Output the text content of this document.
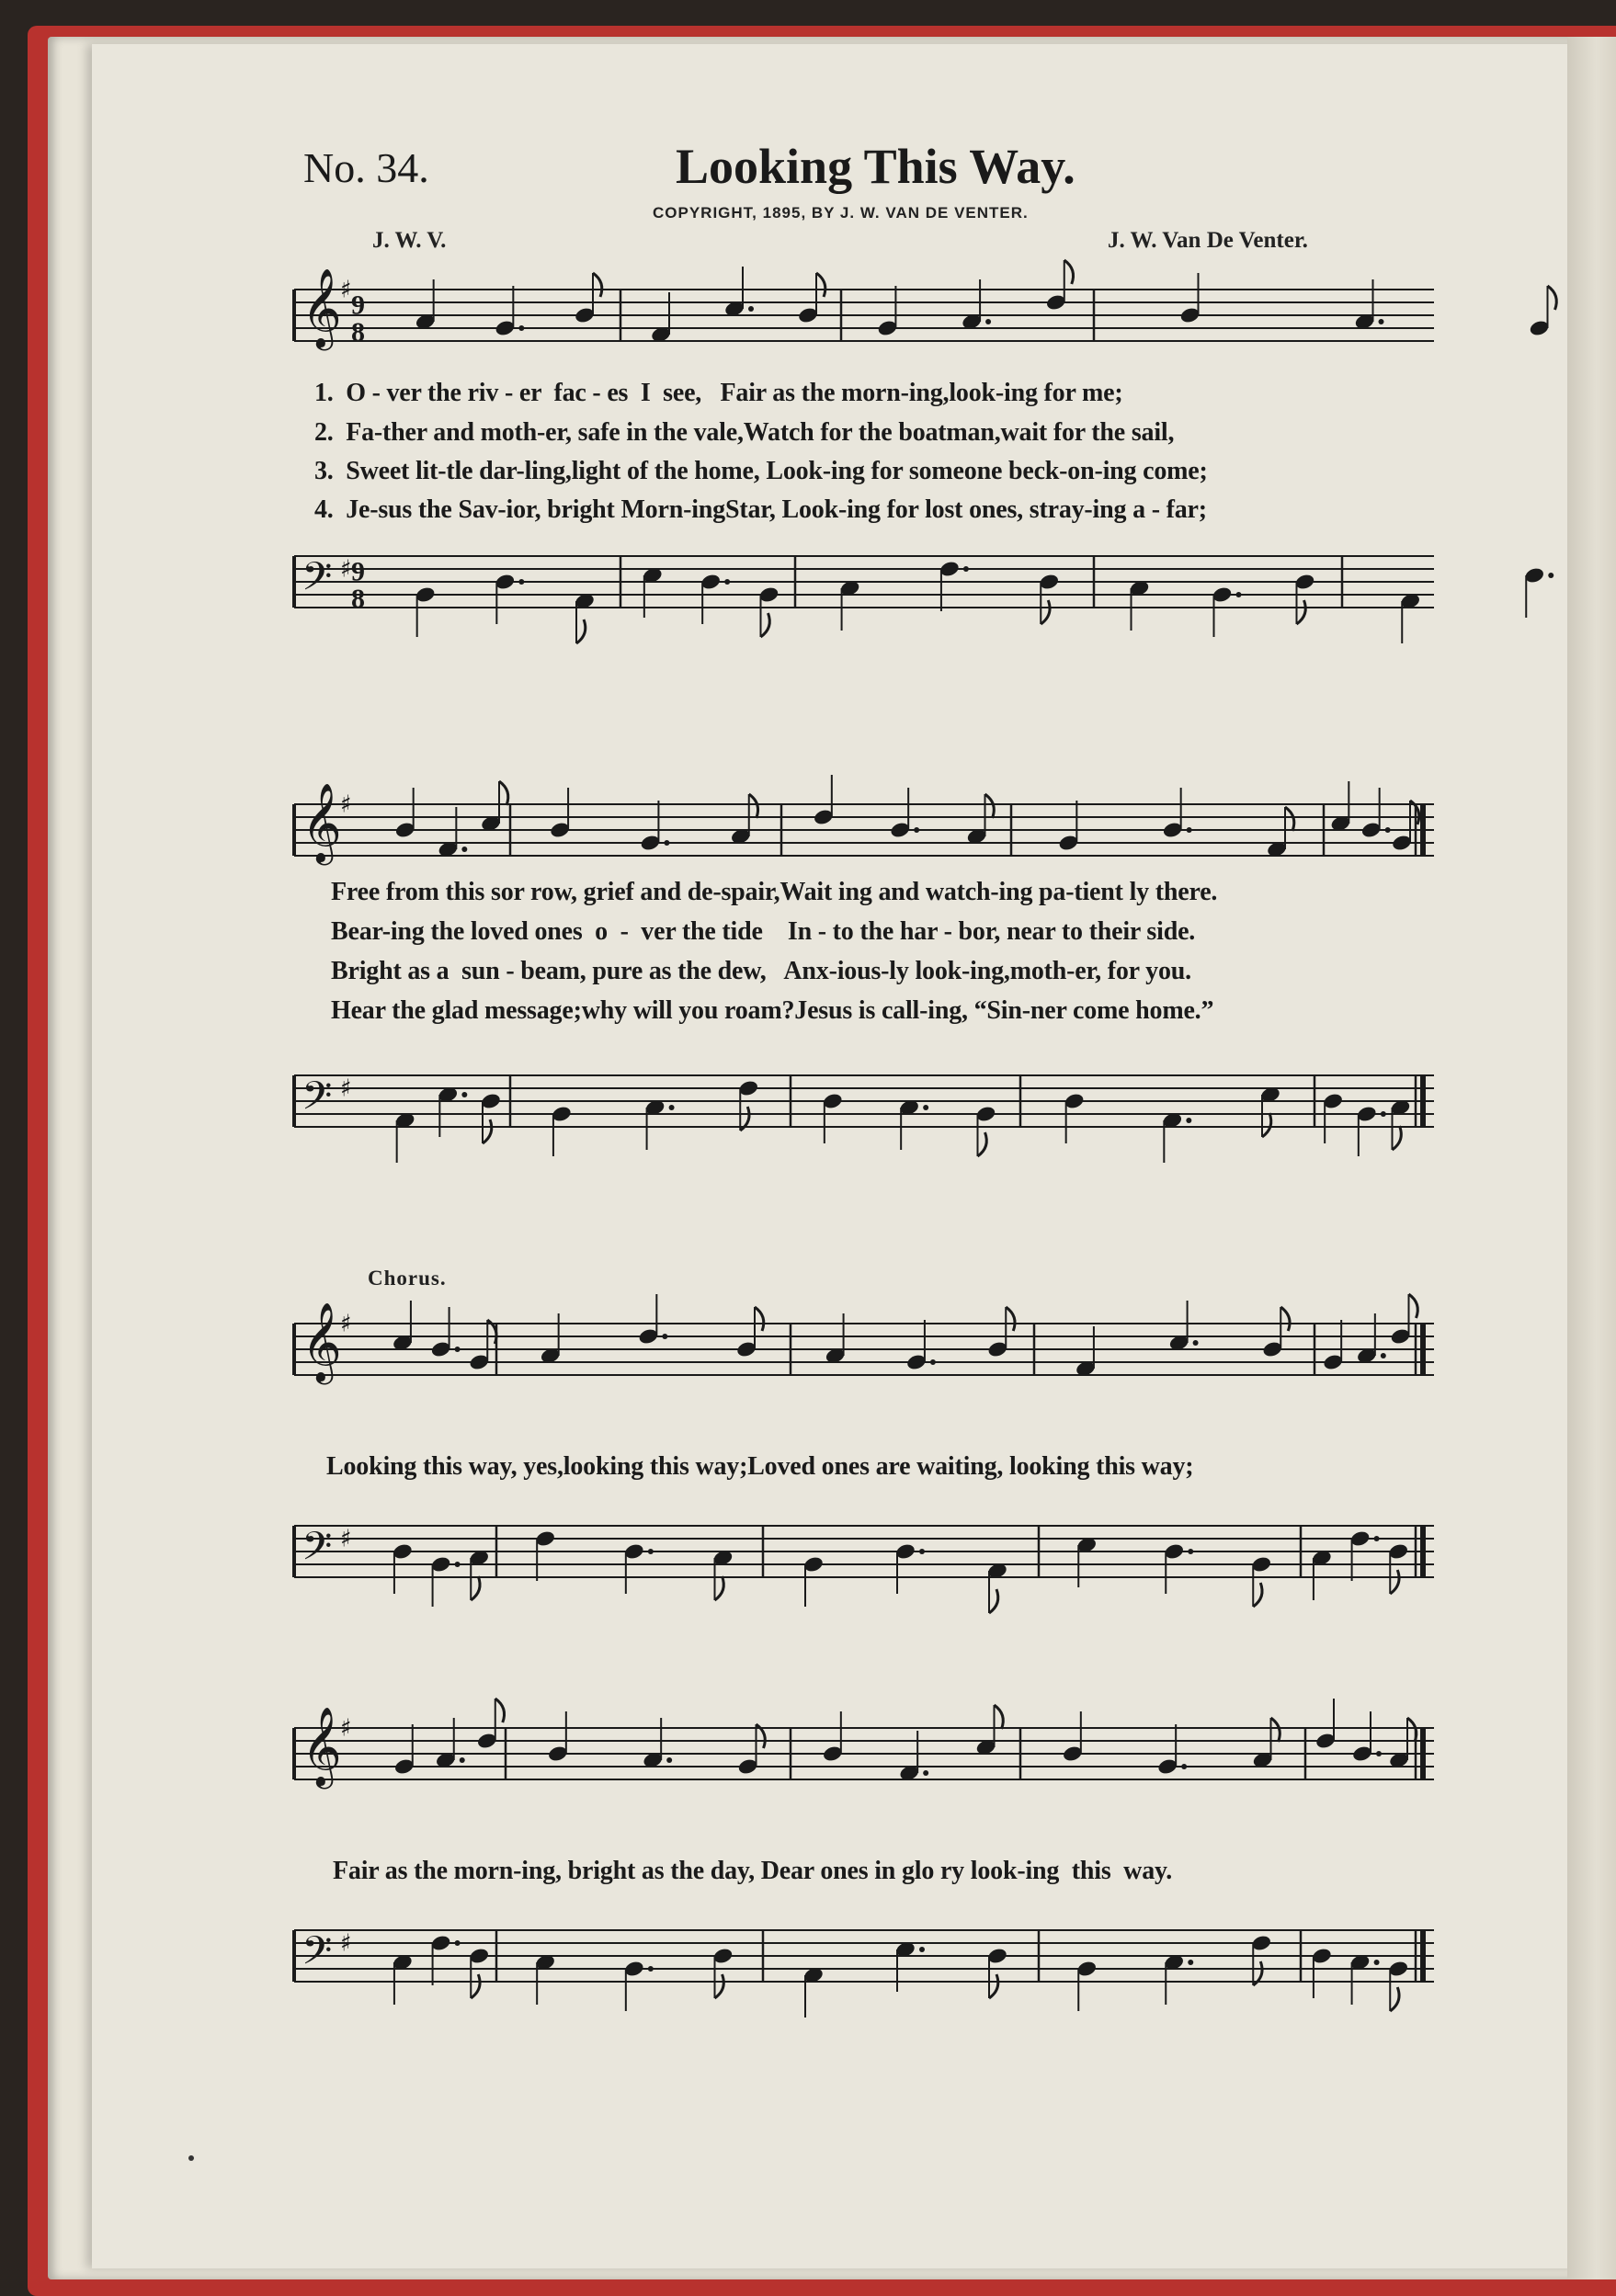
No. 34.	Looking This Way.
COPYRIGHT, 1895, BY J. W. VAN DE VENTER.
J. W. V.	J. W. Van De Venter.
𝄞
♯
9
8
1.  O - ver the riv - er  fac - es  I  see,   Fair as the morn-ing,look-ing for me;
2.  Fa-ther and moth-er, safe in the vale,Watch for the boatman,wait for the sail,
3.  Sweet lit-tle dar-ling,light of the home, Look-ing for someone beck-on-ing come;
4.  Je-sus the Sav-ior, bright Morn-ingStar, Look-ing for lost ones, stray-ing a - far;
𝄢 ♯ 9
8
𝄞
♯
Free from this sor row, grief and de-spair,Wait ing and watch-ing pa-tient ly there.
Bear-ing the loved ones  o  -  ver the tide    In - to the har - bor, near to their side.
Bright as a  sun - beam, pure as the dew,   Anx-ious-ly look-ing,moth-er, for you.
Hear the glad message;why will you roam?Jesus is call-ing, “Sin-ner come home.”
𝄢 ♯
Chorus.
𝄞
♯
Looking this way, yes,looking this way;Loved ones are waiting, looking this way;
𝄢 ♯
𝄞
♯
Fair as the morn-ing, bright as the day, Dear ones in glo ry look-ing  this  way.
𝄢 ♯
